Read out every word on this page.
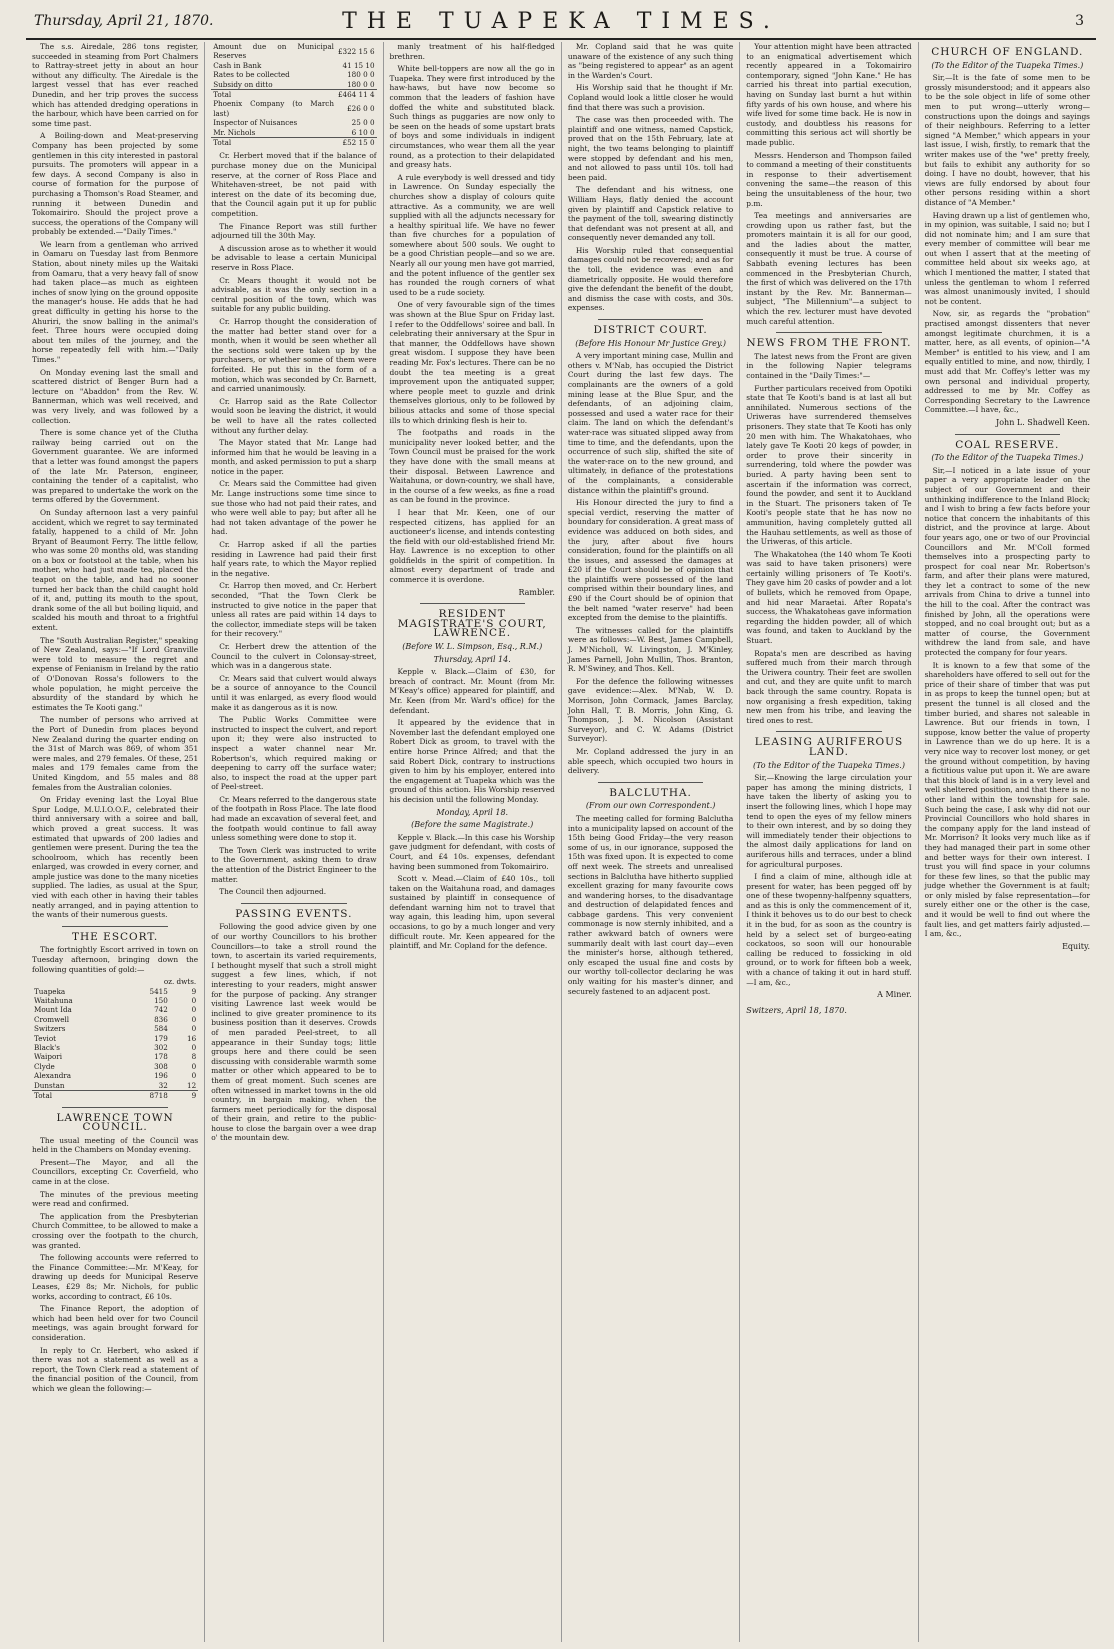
Thursday, April 21, 1870.	THE TUAPEKA TIMES.	3

The s.s. Airedale, 286 tons register, succeeded in steaming from Port Chalmers to Rattray-street jetty in about an hour without any difficulty. The Airedale is the largest vessel that has ever reached Dunedin, and her trip proves the success which has attended dredging operations in the harbour, which have been carried on for some time past.

A Boiling-down and Meat-preserving Company has been projected by some gentlemen in this city interested in pastoral pursuits. The promoters will appear in a few days. A second Company is also in course of formation for the purpose of purchasing a Thomson's Road Steamer, and running it between Dunedin and Tokomairiro. Should the project prove a success, the operations of the Company will probably be extended.—"Daily Times."

We learn from a gentleman who arrived in Oamaru on Tuesday last from Benmore Station, about ninety miles up the Waitaki from Oamaru, that a very heavy fall of snow had taken place—as much as eighteen inches of snow lying on the ground opposite the manager's house. He adds that he had great difficulty in getting his horse to the Ahuriri, the snow balling in the animal's feet. Three hours were occupied doing about ten miles of the journey, and the horse repeatedly fell with him.—"Daily Times."

On Monday evening last the small and scattered district of Benger Burn had a lecture on "Abaddon" from the Rev. W. Bannerman, which was well received, and was very lively, and was followed by a collection.

There is some chance yet of the Clutha railway being carried out on the Government guarantee. We are informed that a letter was found amongst the papers of the late Mr. Paterson, engineer, containing the tender of a capitalist, who was prepared to undertake the work on the terms offered by the Government.

On Sunday afternoon last a very painful accident, which we regret to say terminated fatally, happened to a child of Mr. John Bryant of Beaumont Ferry. The little fellow, who was some 20 months old, was standing on a box or footstool at the table, when his mother, who had just made tea, placed the teapot on the table, and had no sooner turned her back than the child caught hold of it, and, putting its mouth to the spout, drank some of the all but boiling liquid, and scalded his mouth and throat to a frightful extent.

The "South Australian Register," speaking of New Zealand, says:—"If Lord Granville were told to measure the regret and expense of Fenianism in Ireland by the ratio of O'Donovan Rossa's followers to the whole population, he might perceive the absurdity of the standard by which he estimates the Te Kooti gang."

The number of persons who arrived at the Port of Dunedin from places beyond New Zealand during the quarter ending on the 31st of March was 869, of whom 351 were males, and 279 females. Of these, 251 males and 179 females came from the United Kingdom, and 55 males and 88 females from the Australian colonies.

On Friday evening last the Loyal Blue Spur Lodge, M.U.I.O.O.F., celebrated their third anniversary with a soiree and ball, which proved a great success. It was estimated that upwards of 200 ladies and gentlemen were present. During the tea the schoolroom, which has recently been enlarged, was crowded in every corner, and ample justice was done to the many niceties supplied. The ladies, as usual at the Spur, vied with each other in having their tables neatly arranged, and in paying attention to the wants of their numerous guests.

THE ESCORT.

The fortnightly Escort arrived in town on Tuesday afternoon, bringing down the following quantities of gold:—

	oz. dwts.	
Tuapeka	5415	9
Waitahuna	150	0
Mount Ida	742	0
Cromwell	836	0
Switzers	584	0
Teviot	179	16
Black's	302	0
Waipori	178	8
Clyde	308	0
Alexandra	196	0
Dunstan	32	12
Total	8718	9
LAWRENCE TOWN COUNCIL.

The usual meeting of the Council was held in the Chambers on Monday evening.

Present—The Mayor, and all the Councillors, excepting Cr. Coverfield, who came in at the close.

The minutes of the previous meeting were read and confirmed.

The application from the Presbyterian Church Committee, to be allowed to make a crossing over the footpath to the church, was granted.

The following accounts were referred to the Finance Committee:—Mr. M'Keay, for drawing up deeds for Municipal Reserve Leases, £29 8s; Mr. Nichols, for public works, according to contract, £6 10s.

The Finance Report, the adoption of which had been held over for two Council meetings, was again brought forward for consideration.

In reply to Cr. Herbert, who asked if there was not a statement as well as a report, the Town Clerk read a statement of the financial position of the Council, from which we glean the following:—

Amount due on Municipal Reserves	£322 15 6
Cash in Bank	41 15 10
Rates to be collected	180 0 0
Subsidy on ditto	180 0 0
Total	£464 11 4
Phoenix Company (to March last)	£26 0 0
Inspector of Nuisances	25 0 0
Mr. Nichols	6 10 0
Total	£52 15 0

Cr. Herbert moved that if the balance of purchase money due on the Municipal reserve, at the corner of Ross Place and Whitehaven-street, be not paid with interest on the date of its becoming due, that the Council again put it up for public competition.

The Finance Report was still further adjourned till the 30th May.

A discussion arose as to whether it would be advisable to lease a certain Municipal reserve in Ross Place.

Cr. Mears thought it would not be advisable, as it was the only section in a central position of the town, which was suitable for any public building.

Cr. Harrop thought the consideration of the matter had better stand over for a month, when it would be seen whether all the sections sold were taken up by the purchasers, or whether some of them were forfeited. He put this in the form of a motion, which was seconded by Cr. Barnett, and carried unanimously.

Cr. Harrop said as the Rate Collector would soon be leaving the district, it would be well to have all the rates collected without any further delay.

The Mayor stated that Mr. Lange had informed him that he would be leaving in a month, and asked permission to put a sharp notice in the paper.

Cr. Mears said the Committee had given Mr. Lange instructions some time since to sue those who had not paid their rates, and who were well able to pay; but after all he had not taken advantage of the power he had.

Cr. Harrop asked if all the parties residing in Lawrence had paid their first half years rate, to which the Mayor replied in the negative.

Cr. Harrop then moved, and Cr. Herbert seconded, "That the Town Clerk be instructed to give notice in the paper that unless all rates are paid within 14 days to the collector, immediate steps will be taken for their recovery."

Cr. Herbert drew the attention of the Council to the culvert in Colonsay-street, which was in a dangerous state.

Cr. Mears said that culvert would always be a source of annoyance to the Council until it was enlarged, as every flood would make it as dangerous as it is now.

The Public Works Committee were instructed to inspect the culvert, and report upon it; they were also instructed to inspect a water channel near Mr. Robertson's, which required making or deepening to carry off the surface water; also, to inspect the road at the upper part of Peel-street.

Cr. Mears referred to the dangerous state of the footpath in Ross Place. The late flood had made an excavation of several feet, and the footpath would continue to fall away unless something were done to stop it.

The Town Clerk was instructed to write to the Government, asking them to draw the attention of the District Engineer to the matter.

The Council then adjourned.

PASSING EVENTS.

Following the good advice given by one of our worthy Councillors to his brother Councillors—to take a stroll round the town, to ascertain its varied requirements, I bethought myself that such a stroll might suggest a few lines, which, if not interesting to your readers, might answer for the purpose of packing. Any stranger visiting Lawrence last week would be inclined to give greater prominence to its business position than it deserves. Crowds of men paraded Peel-street, to all appearance in their Sunday togs; little groups here and there could be seen discussing with considerable warmth some matter or other which appeared to be to them of great moment. Such scenes are often witnessed in market towns in the old country, in bargain making, when the farmers meet periodically for the disposal of their grain, and retire to the public-house to close the bargain over a wee drap o' the mountain dew.

manly treatment of his half-fledged brethren.

White bell-toppers are now all the go in Tuapeka. They were first introduced by the haw-haws, but have now become so common that the leaders of fashion have doffed the white and substituted black. Such things as puggaries are now only to be seen on the heads of some upstart brats of boys and some individuals in indigent circumstances, who wear them all the year round, as a protection to their delapidated and greasy hats.

A rule everybody is well dressed and tidy in Lawrence. On Sunday especially the churches show a display of colours quite attractive. As a community, we are well supplied with all the adjuncts necessary for a healthy spiritual life. We have no fewer than five churches for a population of somewhere about 500 souls. We ought to be a good Christian people—and so we are. Nearly all our young men have got married, and the potent influence of the gentler sex has rounded the rough corners of what used to be a rude society.

One of very favourable sign of the times was shown at the Blue Spur on Friday last. I refer to the Oddfellows' soiree and ball. In celebrating their anniversary at the Spur in that manner, the Oddfellows have shown great wisdom. I suppose they have been reading Mr. Fox's lectures. There can be no doubt the tea meeting is a great improvement upon the antiquated supper, where people meet to guzzle and drink themselves glorious, only to be followed by bilious attacks and some of those special ills to which drinking flesh is heir to.

The footpaths and roads in the municipality never looked better, and the Town Council must be praised for the work they have done with the small means at their disposal. Between Lawrence and Waitahuna, or down-country, we shall have, in the course of a few weeks, as fine a road as can be found in the province.

I hear that Mr. Keen, one of our respected citizens, has applied for an auctioneer's license, and intends contesting the field with our old-established friend Mr. Hay. Lawrence is no exception to other goldfields in the spirit of competition. In almost every department of trade and commerce it is overdone.

Rambler.
RESIDENT MAGISTRATE'S COURT, LAWRENCE.
(Before W. L. Simpson, Esq., R.M.)
Thursday, April 14.

Kepple v. Black.—Claim of £30, for breach of contract. Mr. Mount (from Mr. M'Keay's office) appeared for plaintiff, and Mr. Keen (from Mr. Ward's office) for the defendant.

It appeared by the evidence that in November last the defendant employed one Robert Dick as groom, to travel with the entire horse Prince Alfred; and that the said Robert Dick, contrary to instructions given to him by his employer, entered into the engagement at Tuapeka which was the ground of this action. His Worship reserved his decision until the following Monday.

Monday, April 18.
(Before the same Magistrate.)

Kepple v. Black.—In this case his Worship gave judgment for defendant, with costs of Court, and £4 10s. expenses, defendant having been summoned from Tokomairiro.

Scott v. Mead.—Claim of £40 10s., toll taken on the Waitahuna road, and damages sustained by plaintiff in consequence of defendant warning him not to travel that way again, this leading him, upon several occasions, to go by a much longer and very difficult route. Mr. Keen appeared for the plaintiff, and Mr. Copland for the defence.

Mr. Copland said that he was quite unaware of the existence of any such thing as "being registered to appear" as an agent in the Warden's Court.

His Worship said that he thought if Mr. Copland would look a little closer he would find that there was such a provision.

The case was then proceeded with. The plaintiff and one witness, named Capstick, proved that on the 15th February, late at night, the two teams belonging to plaintiff were stopped by defendant and his men, and not allowed to pass until 10s. toll had been paid.

The defendant and his witness, one William Hays, flatly denied the account given by plaintiff and Capstick relative to the payment of the toll, swearing distinctly that defendant was not present at all, and consequently never demanded any toll.

His Worship ruled that consequential damages could not be recovered; and as for the toll, the evidence was even and diametrically opposite. He would therefore give the defendant the benefit of the doubt, and dismiss the case with costs, and 30s. expenses.

DISTRICT COURT.
(Before His Honour Mr Justice Grey.)

A very important mining case, Mullin and others v. M'Nab, has occupied the District Court during the last few days. The complainants are the owners of a gold mining lease at the Blue Spur, and the defendants, of an adjoining claim, possessed and used a water race for their claim. The land on which the defendant's water-race was situated slipped away from time to time, and the defendants, upon the occurrence of such slip, shifted the site of the water-race on to the new ground, and ultimately, in defiance of the protestations of the complainants, a considerable distance within the plaintiff's ground.

His Honour directed the jury to find a special verdict, reserving the matter of boundary for consideration. A great mass of evidence was adduced on both sides, and the jury, after about five hours consideration, found for the plaintiffs on all the issues, and assessed the damages at £20 if the Court should be of opinion that the plaintiffs were possessed of the land comprised within their boundary lines, and £90 if the Court should be of opinion that the belt named "water reserve" had been excepted from the demise to the plaintiffs.

The witnesses called for the plaintiffs were as follows:—W. Best, James Campbell, J. M'Nicholl, W. Livingston, J. M'Kinley, James Parnell, John Mullin, Thos. Branton, R. M'Swiney, and Thos. Kell.

For the defence the following witnesses gave evidence:—Alex. M'Nab, W. D. Morrison, John Cormack, James Barclay, John Hall, T. B. Morris, John King, G. Thompson, J. M. Nicolson (Assistant Surveyor), and C. W. Adams (District Surveyor).

Mr. Copland addressed the jury in an able speech, which occupied two hours in delivery.

BALCLUTHA.
(From our own Correspondent.)

The meeting called for forming Balclutha into a municipality lapsed on account of the 15th being Good Friday—the very reason some of us, in our ignorance, supposed the 15th was fixed upon. It is expected to come off next week. The streets and unrealised sections in Balclutha have hitherto supplied excellent grazing for many favourite cows and wandering horses, to the disadvantage and destruction of delapidated fences and cabbage gardens. This very convenient commonage is now sternly inhibited, and a rather awkward batch of owners were summarily dealt with last court day—even the minister's horse, although tethered, only escaped the usual fine and costs by our worthy toll-collector declaring he was only waiting for his master's dinner, and securely fastened to an adjacent post.

Your attention might have been attracted to an enigmatical advertisement which recently appeared in a Tokomairiro contemporary, signed "John Kane." He has carried his threat into partial execution, having on Sunday last burnt a hut within fifty yards of his own house, and where his wife lived for some time back. He is now in custody, and doubtless his reasons for committing this serious act will shortly be made public.

Messrs. Henderson and Thompson failed to command a meeting of their constituents in response to their advertisement convening the same—the reason of this being the unsuitableness of the hour, two p.m.

Tea meetings and anniversaries are crowding upon us rather fast, but the promoters maintain it is all for our good, and the ladies about the matter, consequently it must be true. A course of Sabbath evening lectures has been commenced in the Presbyterian Church, the first of which was delivered on the 17th instant by the Rev. Mr. Bannerman—subject, "The Millennium"—a subject to which the rev. lecturer must have devoted much careful attention.

NEWS FROM THE FRONT.

The latest news from the Front are given in the following Napier telegrams contained in the "Daily Times:"—

Further particulars received from Opotiki state that Te Kooti's band is at last all but annihilated. Numerous sections of the Uriweras have surrendered themselves prisoners. They state that Te Kooti has only 20 men with him. The Whakatohaes, who lately gave Te Kooti 20 kegs of powder, in order to prove their sincerity in surrendering, told where the powder was buried. A party having been sent to ascertain if the information was correct, found the powder, and sent it to Auckland in the Stuart. The prisoners taken of Te Kooti's people state that he has now no ammunition, having completely gutted all the Hauhau settlements, as well as those of the Uriweras, of this article.

The Whakatohea (the 140 whom Te Kooti was said to have taken prisoners) were certainly willing prisoners of Te Kooti's. They gave him 20 casks of powder and a lot of bullets, which he removed from Opape, and hid near Maraetai. After Ropata's success, the Whakatoheas gave information regarding the hidden powder, all of which was found, and taken to Auckland by the Stuart.

Ropata's men are described as having suffered much from their march through the Uriwera country. Their feet are swollen and cut, and they are quite unfit to march back through the same country. Ropata is now organising a fresh expedition, taking new men from his tribe, and leaving the tired ones to rest.

LEASING AURIFEROUS LAND.
(To the Editor of the Tuapeka Times.)

Sir,—Knowing the large circulation your paper has among the mining districts, I have taken the liberty of asking you to insert the following lines, which I hope may tend to open the eyes of my fellow miners to their own interest, and by so doing they will immediately tender their objections to the almost daily applications for land on auriferous hills and terraces, under a blind for agricultural purposes.

I find a claim of mine, although idle at present for water, has been pegged off by one of these twopenny-halfpenny squatters, and as this is only the commencement of it, I think it behoves us to do our best to check it in the bud, for as soon as the country is held by a select set of burgeo-eating cockatoos, so soon will our honourable calling be reduced to fossicking in old ground, or to work for fifteen bob a week, with a chance of taking it out in hard stuff.—I am, &c.,

A Miner.
Switzers, April 18, 1870.
CHURCH OF ENGLAND.
(To the Editor of the Tuapeka Times.)

Sir,—It is the fate of some men to be grossly misunderstood; and it appears also to be the sole object in life of some other men to put wrong—utterly wrong—constructions upon the doings and sayings of their neighbours. Referring to a letter signed "A Member," which appears in your last issue, I wish, firstly, to remark that the writer makes use of the "we" pretty freely, but fails to exhibit any authority for so doing. I have no doubt, however, that his views are fully endorsed by about four other persons residing within a short distance of "A Member."

Having drawn up a list of gentlemen who, in my opinion, was suitable, I said no; but I did not nominate him; and I am sure that every member of committee will bear me out when I assert that at the meeting of committee held about six weeks ago, at which I mentioned the matter, I stated that unless the gentleman to whom I referred was almost unanimously invited, I should not be content.

Now, sir, as regards the "probation" practised amongst dissenters that never amongst legitimate churchmen, it is a matter, here, as all events, of opinion—"A Member" is entitled to his view, and I am equally entitled to mine, and now, thirdly, I must add that Mr. Coffey's letter was my own personal and individual property, addressed to me by Mr. Coffey as Corresponding Secretary to the Lawrence Committee.—I have, &c.,

John L. Shadwell Keen.
COAL RESERVE.
(To the Editor of the Tuapeka Times.)

Sir,—I noticed in a late issue of your paper a very appropriate leader on the subject of our Government and their unthinking indifference to the Inland Block; and I wish to bring a few facts before your notice that concern the inhabitants of this district, and the province at large. About four years ago, one or two of our Provincial Councillors and Mr. M'Coll formed themselves into a prospecting party to prospect for coal near Mr. Robertson's farm, and after their plans were matured, they let a contract to some of the new arrivals from China to drive a tunnel into the hill to the coal. After the contract was finished by John, all the operations were stopped, and no coal brought out; but as a matter of course, the Government withdrew the land from sale, and have protected the company for four years.

It is known to a few that some of the shareholders have offered to sell out for the price of their share of timber that was put in as props to keep the tunnel open; but at present the tunnel is all closed and the timber buried, and shares not saleable in Lawrence. But our friends in town, I suppose, know better the value of property in Lawrence than we do up here. It is a very nice way to recover lost money, or get the ground without competition, by having a fictitious value put upon it. We are aware that this block of land is in a very level and well sheltered position, and that there is no other land within the township for sale. Such being the case, I ask why did not our Provincial Councillors who hold shares in the company apply for the land instead of Mr. Morrison? It looks very much like as if they had managed their part in some other and better ways for their own interest. I trust you will find space in your columns for these few lines, so that the public may judge whether the Government is at fault; or only misled by false representation—for surely either one or the other is the case, and it would be well to find out where the fault lies, and get matters fairly adjusted.—I am, &c.,

Equity.
